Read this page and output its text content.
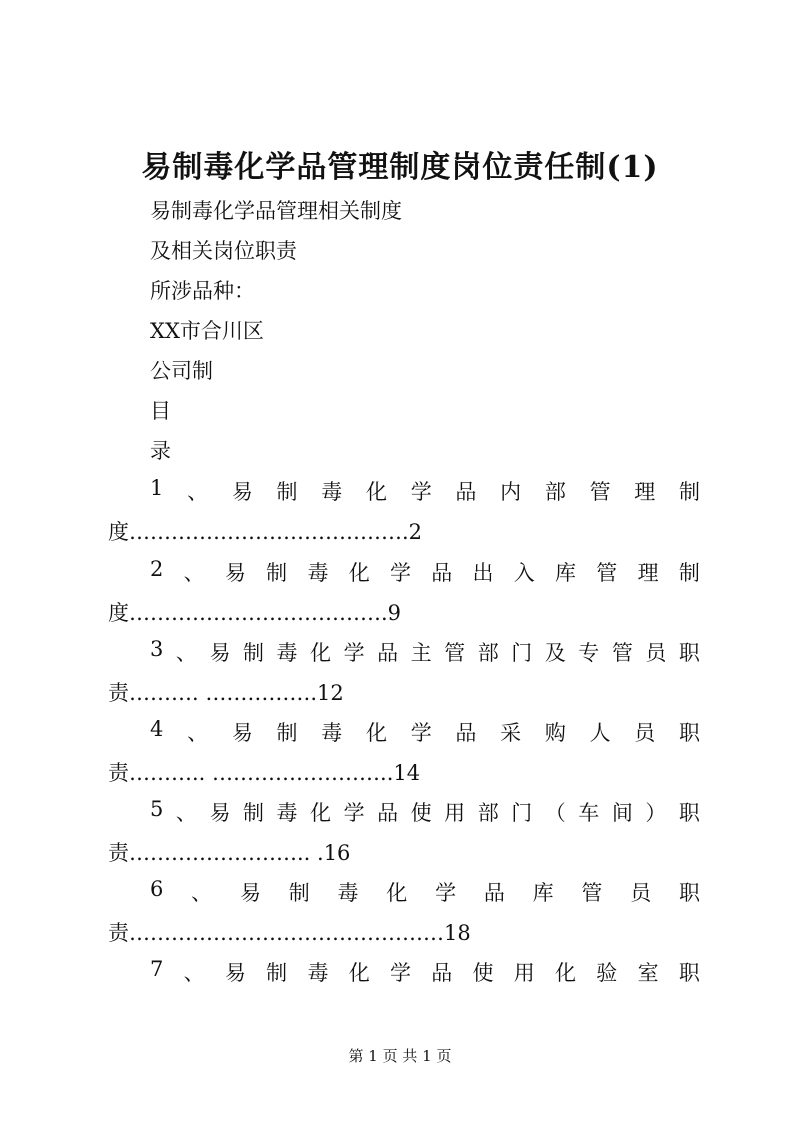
易制毒化学品管理制度岗位责任制(1)
易制毒化学品管理相关制度
及相关岗位职责
所涉品种：
XX市合川区
公司制
目
录
1 、 易 制 毒 化 学 品 内 部 管 理 制
度………………………………….2
2 、 易 制 毒 化 学 品 出 入 库 管 理 制
度……………………………….9
3 、 易 制 毒 化 学 品 主 管 部 门 及 专 管 员 职
责………. …………….12
4 、 易 制 毒 化 学 品 采 购 人 员 职
责……….. ……………………..14
5 、 易 制 毒 化 学 品 使 用 部 门 （ 车 间 ） 职
责…………………….. .16
6 、 易 制 毒 化 学 品 库 管 员 职
责………………………………………18
7 、 易 制 毒 化 学 品 使 用 化 验 室 职
第 1 页 共 1 页
